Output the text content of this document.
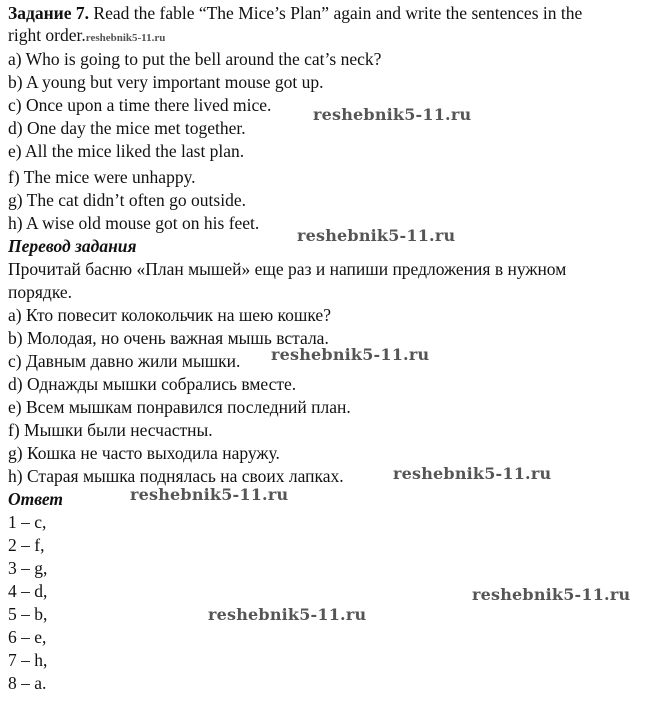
Задание 7. Read the fable “The Mice’s Plan” again and write the sentences in the
right order.reshebnik5-11.ru
a) Who is going to put the bell around the cat’s neck?
b) A young but very important mouse got up.
c) Once upon a time there lived mice.
d) One day the mice met together.
e) All the mice liked the last plan.
f) The mice were unhappy.
g) The cat didn’t often go outside.
h) A wise old mouse got on his feet.
Перевод задания
Прочитай басню «План мышей» еще раз и напиши предложения в нужном
порядке.
a) Кто повесит колокольчик на шею кошке?
b) Молодая, но очень важная мышь встала.
c) Давным давно жили мышки.
d) Однажды мышки собрались вместе.
e) Всем мышкам понравился последний план.
f) Мышки были несчастны.
g) Кошка не часто выходила наружу.
h) Старая мышка поднялась на своих лапках.
Ответ
1 – c,
2 – f,
3 – g,
4 – d,
5 – b,
6 – e,
7 – h,
8 – a.
reshebnik5-11.ru
reshebnik5-11.ru
reshebnik5-11.ru
reshebnik5-11.ru
reshebnik5-11.ru
reshebnik5-11.ru
reshebnik5-11.ru
